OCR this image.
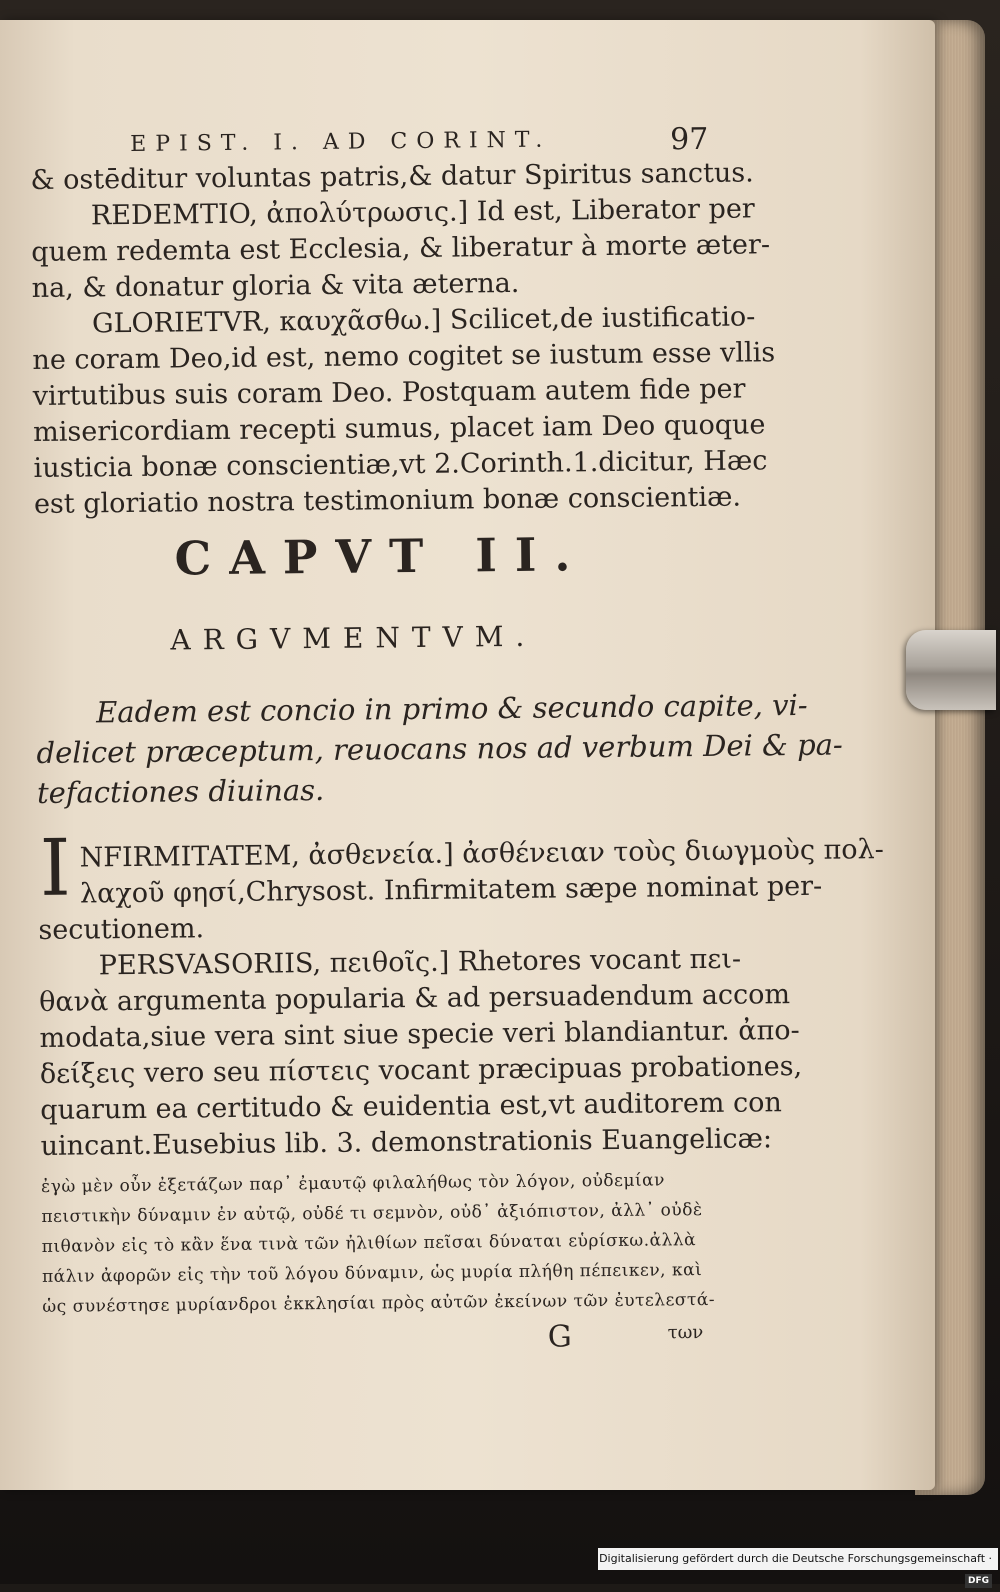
EPIST. I. AD CORINT.	97
& ostēditur voluntas patris,& datur Spiritus sanctus.
REDEMTIO, ἀπολύτρωσις.] Id est, Liberator per
quem redemta est Ecclesia, & liberatur à morte æter-
na, & donatur gloria & vita æterna.
GLORIETVR, καυχᾶσθω.] Scilicet,de iustificatio-
ne coram Deo,id est, nemo cogitet se iustum esse vllis
virtutibus suis coram Deo. Postquam autem fide per
misericordiam recepti sumus, placet iam Deo quoque
iusticia bonæ conscientiæ,vt 2.Corinth.1.dicitur, Hæc
est gloriatio nostra testimonium bonæ conscientiæ.
CAPVT II.
ARGVMENTVM.
Eadem est concio in primo & secundo capite, vi-
delicet præceptum, reuocans nos ad verbum Dei & pa-
tefactiones diuinas.
I NFIRMITATEM, ἀσθενεία.] ἀσθένειαν τοὺς διωγμοὺς πολ-
λαχοῦ φησί,Chrysost. Infirmitatem sæpe nominat per-
secutionem.
PERSVASORIIS, πειθοῖς.] Rhetores vocant πει-
θανὰ argumenta popularia & ad persuadendum accom
modata,siue vera sint siue specie veri blandiantur. ἀπο-
δείξεις vero seu πίστεις vocant præcipuas probationes,
quarum ea certitudo & euidentia est,vt auditorem con
uincant.Eusebius lib. 3. demonstrationis Euangelicæ:
ἐγὼ μὲν οὖν ἐξετάζων παρ᾽ ἐμαυτῷ φιλαλήθως τὸν λόγον, οὐδεμίαν
πειστικὴν δύναμιν ἐν αὐτῷ, οὐδέ τι σεμνὸν, οὐδ᾽ ἀξιόπιστον, ἀλλ᾽ οὐδὲ
πιθανὸν εἰς τὸ κἂν ἕνα τινὰ τῶν ἠλιθίων πεῖσαι δύναται εὑρίσκω.ἀλλὰ
πάλιν ἀφορῶν εἰς τὴν τοῦ λόγου δύναμιν, ὡς μυρία πλήθη πέπεικεν, καὶ
ὡς συνέστησε μυρίανδροι ἐκκλησίαι πρὸς αὐτῶν ἐκείνων τῶν ἐυτελεστά-
G	των
Digitalisierung gefördert durch die Deutsche Forschungsgemeinschaft · DFG
